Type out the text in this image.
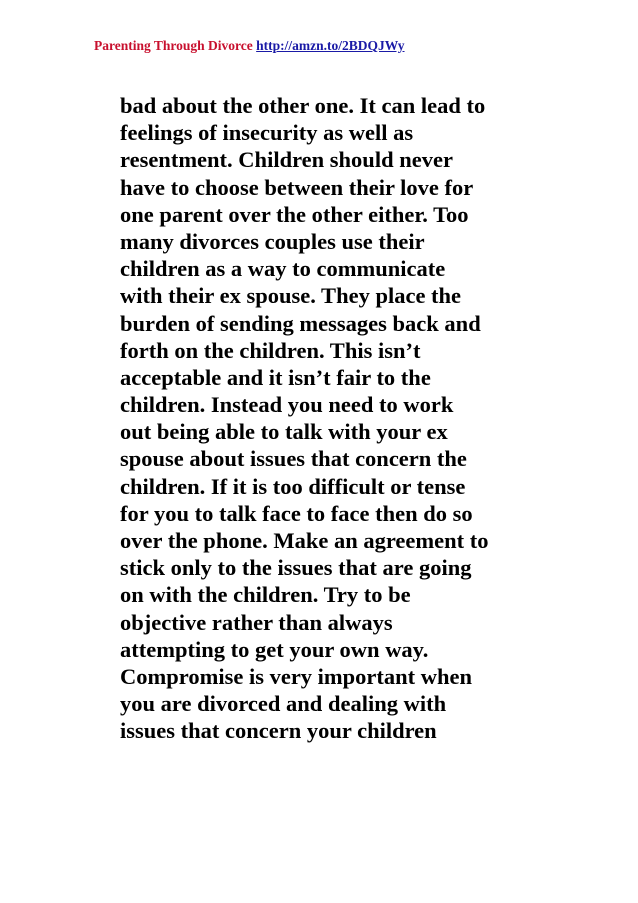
Parenting Through Divorce http://amzn.to/2BDQJWy
bad about the other one. It can lead to
feelings of insecurity as well as
resentment. Children should never
have to choose between their love for
one parent over the other either. Too
many divorces couples use their
children as a way to communicate
with their ex spouse. They place the
burden of sending messages back and
forth on the children. This isn’t
acceptable and it isn’t fair to the
children. Instead you need to work
out being able to talk with your ex
spouse about issues that concern the
children. If it is too difficult or tense
for you to talk face to face then do so
over the phone. Make an agreement to
stick only to the issues that are going
on with the children. Try to be
objective rather than always
attempting to get your own way.
Compromise is very important when
you are divorced and dealing with
issues that concern your children
